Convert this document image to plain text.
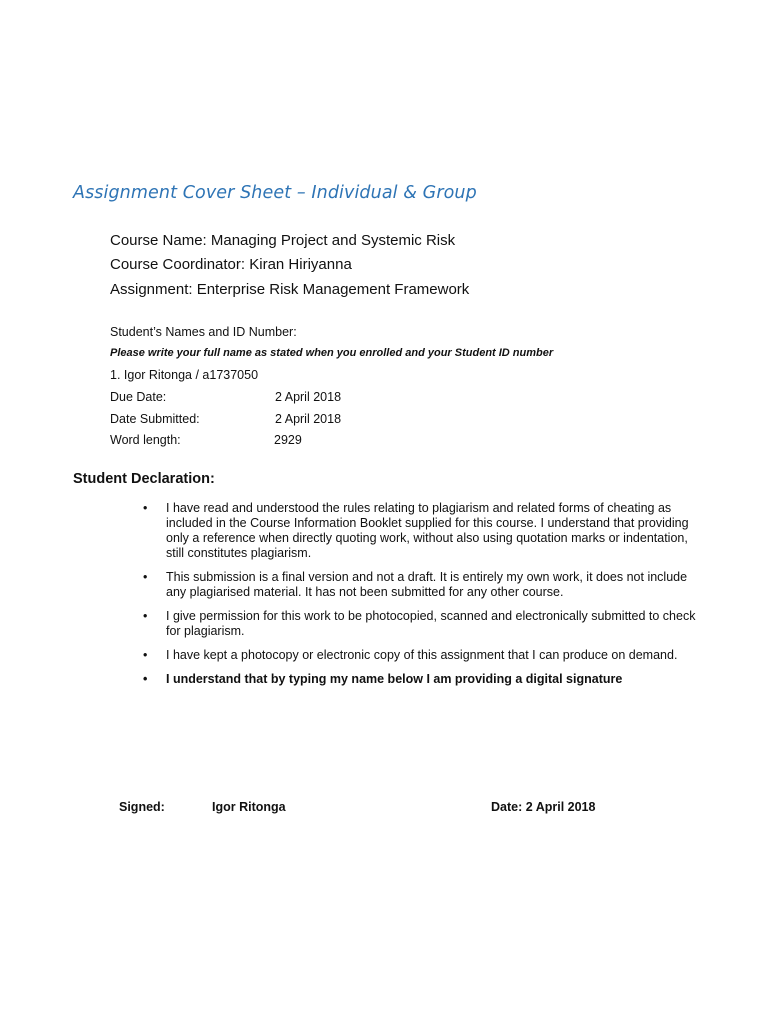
Assignment Cover Sheet – Individual & Group
Course Name: Managing Project and Systemic Risk
Course Coordinator: Kiran Hiriyanna
Assignment: Enterprise Risk Management Framework
Student’s Names and ID Number:
Please write your full name as stated when you enrolled and your Student ID number
1. Igor Ritonga / a1737050
Due Date:	2 April 2018
Date Submitted:	2 April 2018
Word length:	2929
Student Declaration:
• I have read and understood the rules relating to plagiarism and related forms of cheating as included in the Course Information Booklet supplied for this course. I understand that providing only a reference when directly quoting work, without also using quotation marks or indentation, still constitutes plagiarism.
• This submission is a final version and not a draft. It is entirely my own work, it does not include any plagiarised material. It has not been submitted for any other course.
• I give permission for this work to be photocopied, scanned and electronically submitted to check for plagiarism.
• I have kept a photocopy or electronic copy of this assignment that I can produce on demand.
• I understand that by typing my name below I am providing a digital signature
Signed:	Igor Ritonga	Date: 2 April 2018
